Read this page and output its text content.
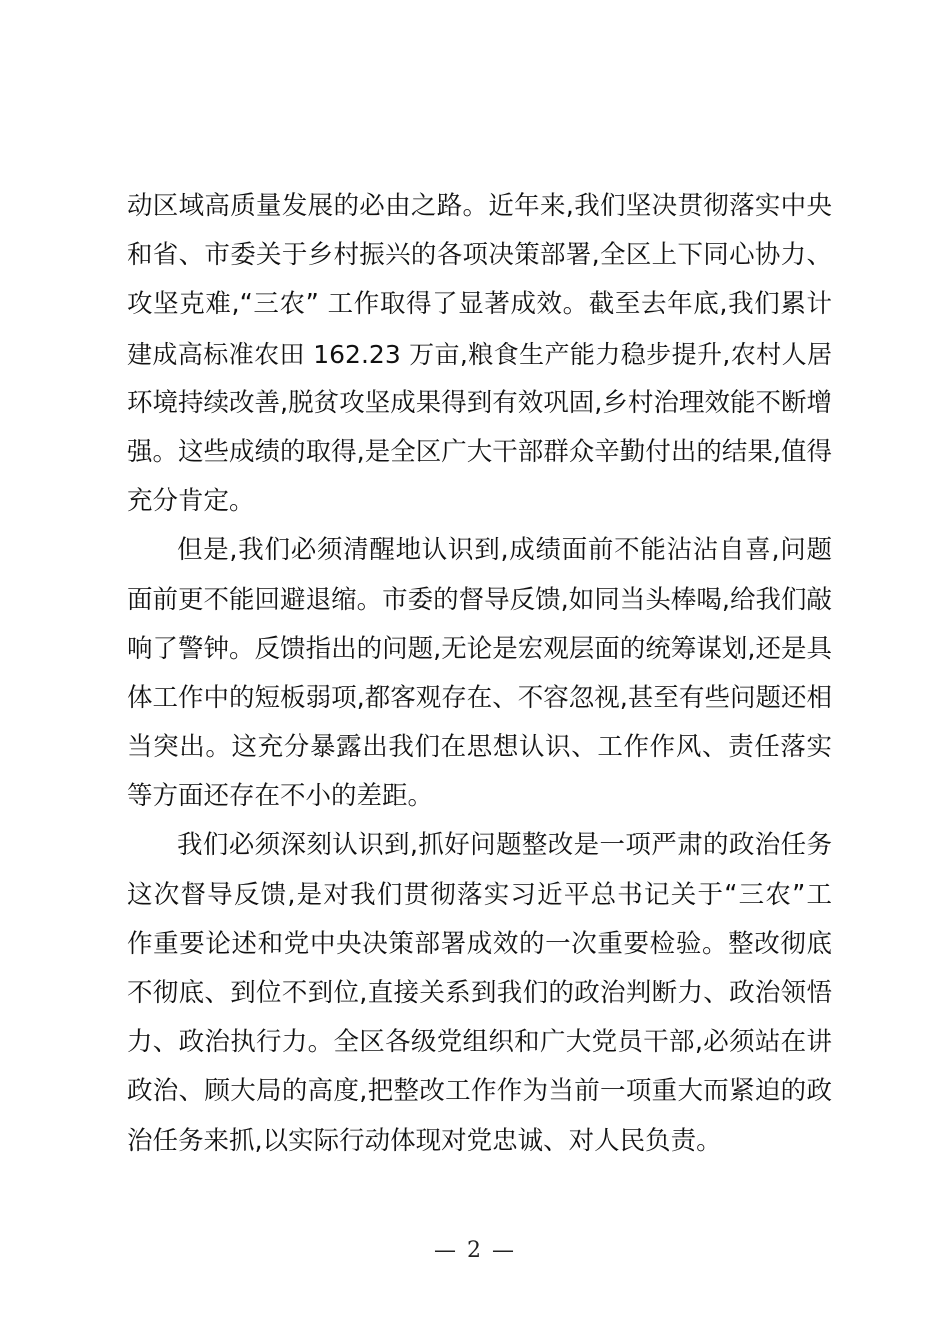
动区域高质量发展的必由之路。近年来,我们坚决贯彻落实中央
和省、市委关于乡村振兴的各项决策部署,全区上下同心协力、
攻坚克难,“三农” 工作取得了显著成效。截至去年底,我们累计
建成高标准农田 162.23 万亩,粮食生产能力稳步提升,农村人居
环境持续改善,脱贫攻坚成果得到有效巩固,乡村治理效能不断增
强。这些成绩的取得,是全区广大干部群众辛勤付出的结果,值得
充分肯定。
但是,我们必须清醒地认识到,成绩面前不能沾沾自喜,问题
面前更不能回避退缩。市委的督导反馈,如同当头棒喝,给我们敲
响了警钟。反馈指出的问题,无论是宏观层面的统筹谋划,还是具
体工作中的短板弱项,都客观存在、不容忽视,甚至有些问题还相
当突出。这充分暴露出我们在思想认识、工作作风、责任落实
等方面还存在不小的差距。
我们必须深刻认识到,抓好问题整改是一项严肃的政治任务
这次督导反馈,是对我们贯彻落实习近平总书记关于“三农”工
作重要论述和党中央决策部署成效的一次重要检验。整改彻底
不彻底、到位不到位,直接关系到我们的政治判断力、政治领悟
力、政治执行力。全区各级党组织和广大党员干部,必须站在讲
政治、顾大局的高度,把整改工作作为当前一项重大而紧迫的政
治任务来抓,以实际行动体现对党忠诚、对人民负责。
— 2 —
